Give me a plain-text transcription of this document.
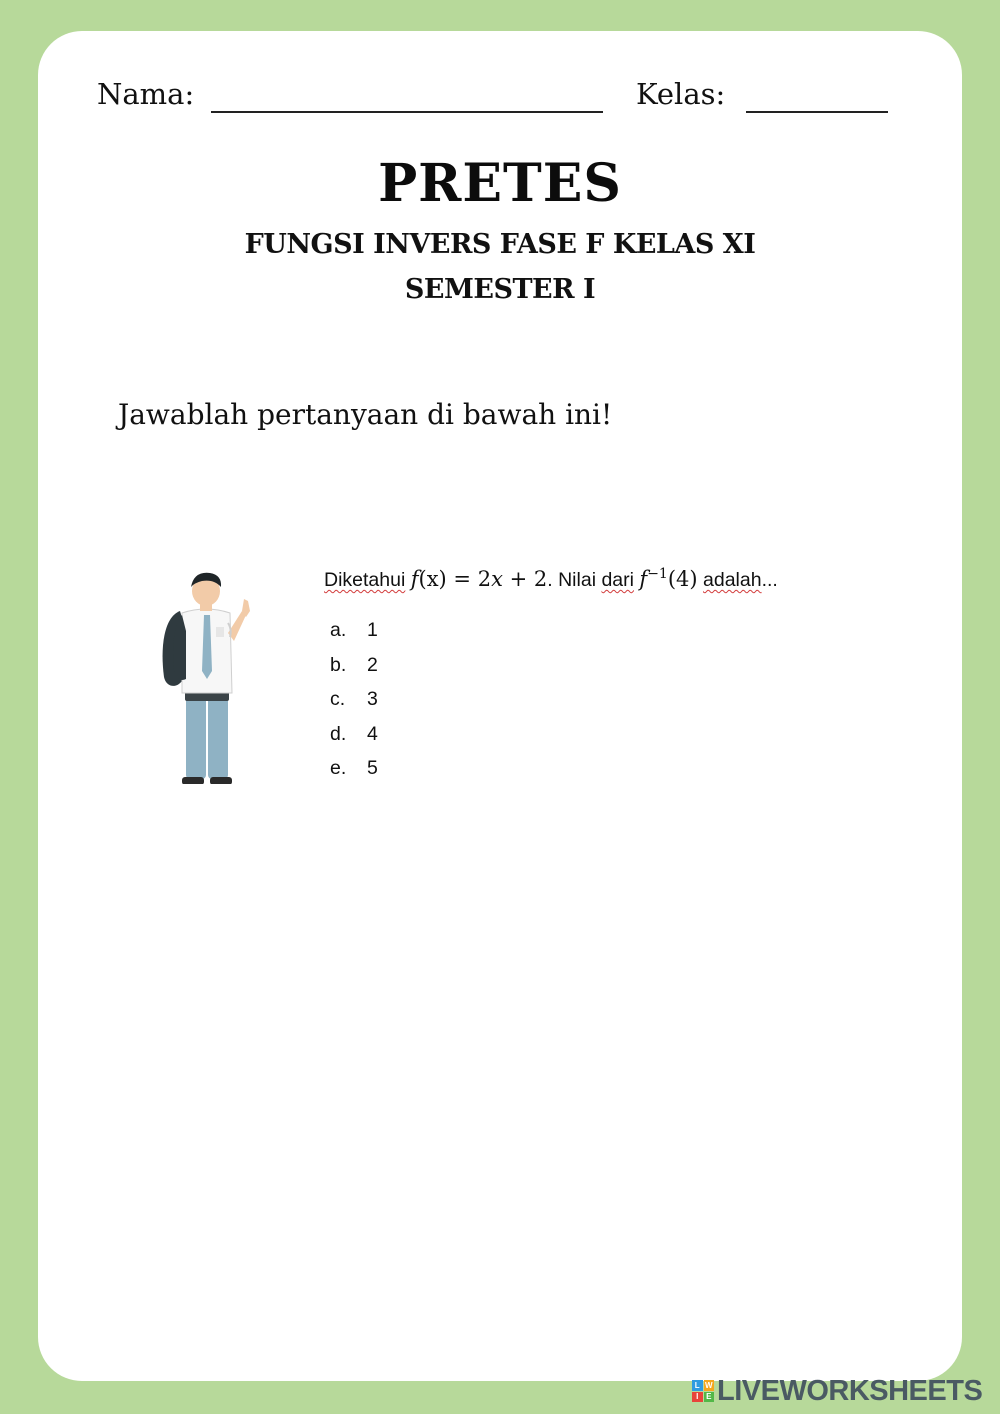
Nama:	Kelas:
PRETES
FUNGSI INVERS FASE F KELAS XI
SEMESTER I
Jawablah pertanyaan di bawah ini!
Diketahui f(x) = 2x + 2. Nilai dari $f^{-1}(4)$ adalah...
a.	1
b.	2
c.	3
d.	4
e.	5
L W
I E LIVEWORKSHEETS
